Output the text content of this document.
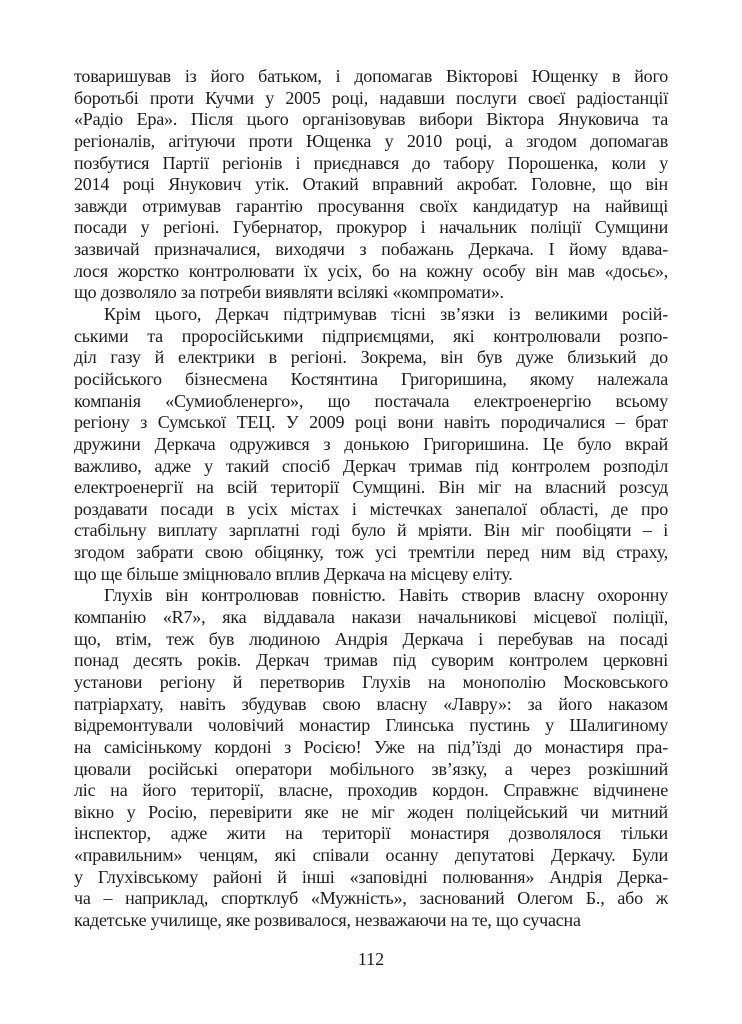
товаришував із його батьком, і допомагав Вікторові Ющенку в його
боротьбі проти Кучми у 2005 році, надавши послуги своєї радіостанції
«Радіо Ера». Після цього організовував вибори Віктора Януковича та
регіоналів, агітуючи проти Ющенка у 2010 році, а згодом допомагав
позбутися Партії регіонів і приєднався до табору Порошенка, коли у
2014 році Янукович утік. Отакий вправний акробат. Головне, що він
завжди отримував гарантію просування своїх кандидатур на найвищі
посади у регіоні. Губернатор, прокурор і начальник поліції Сумщини
зазвичай призначалися, виходячи з побажань Деркача. І йому вдава-
лося жорстко контролювати їх усіх, бо на кожну особу він мав «досьє»,
що дозволяло за потреби виявляти всілякі «компромати».
Крім цього, Деркач підтримував тісні зв’язки із великими росій-
ськими та проросійськими підприємцями, які контролювали розпо-
діл газу й електрики в регіоні. Зокрема, він був дуже близький до
російського бізнесмена Костянтина Григоришина, якому належала
компанія «Сумиобленерго», що постачала електроенергію всьому
регіону з Сумської ТЕЦ. У 2009 році вони навіть породичалися – брат
дружини Деркача одружився з донькою Григоришина. Це було вкрай
важливо, адже у такий спосіб Деркач тримав під контролем розподіл
електроенергії на всій території Сумщині. Він міг на власний розсуд
роздавати посади в усіх містах і містечках занепалої області, де про
стабільну виплату зарплатні годі було й мріяти. Він міг пообіцяти – і
згодом забрати свою обіцянку, тож усі тремтіли перед ним від страху,
що ще більше зміцнювало вплив Деркача на місцеву еліту.
Глухів він контролював повністю. Навіть створив власну охоронну
компанію «R7», яка віддавала накази начальникові місцевої поліції,
що, втім, теж був людиною Андрія Деркача і перебував на посаді
понад десять років. Деркач тримав під суворим контролем церковні
установи регіону й перетворив Глухів на монополію Московського
патріархату, навіть збудував свою власну «Лавру»: за його наказом
відремонтували чоловічий монастир Глинська пустинь у Шалигиному
на самісінькому кордоні з Росією! Уже на під’їзді до монастиря пра-
цювали російські оператори мобільного зв’язку, а через розкішний
ліс на його території, власне, проходив кордон. Справжнє відчинене
вікно у Росію, перевірити яке не міг жоден поліцейський чи митний
інспектор, адже жити на території монастиря дозволялося тільки
«правильним» ченцям, які співали осанну депутатові Деркачу. Були
у Глухівському районі й інші «заповідні полювання» Андрія Дерка-
ча – наприклад, спортклуб «Мужність», заснований Олегом Б., або ж
кадетське училище, яке розвивалося, незважаючи на те, що сучасна
112
